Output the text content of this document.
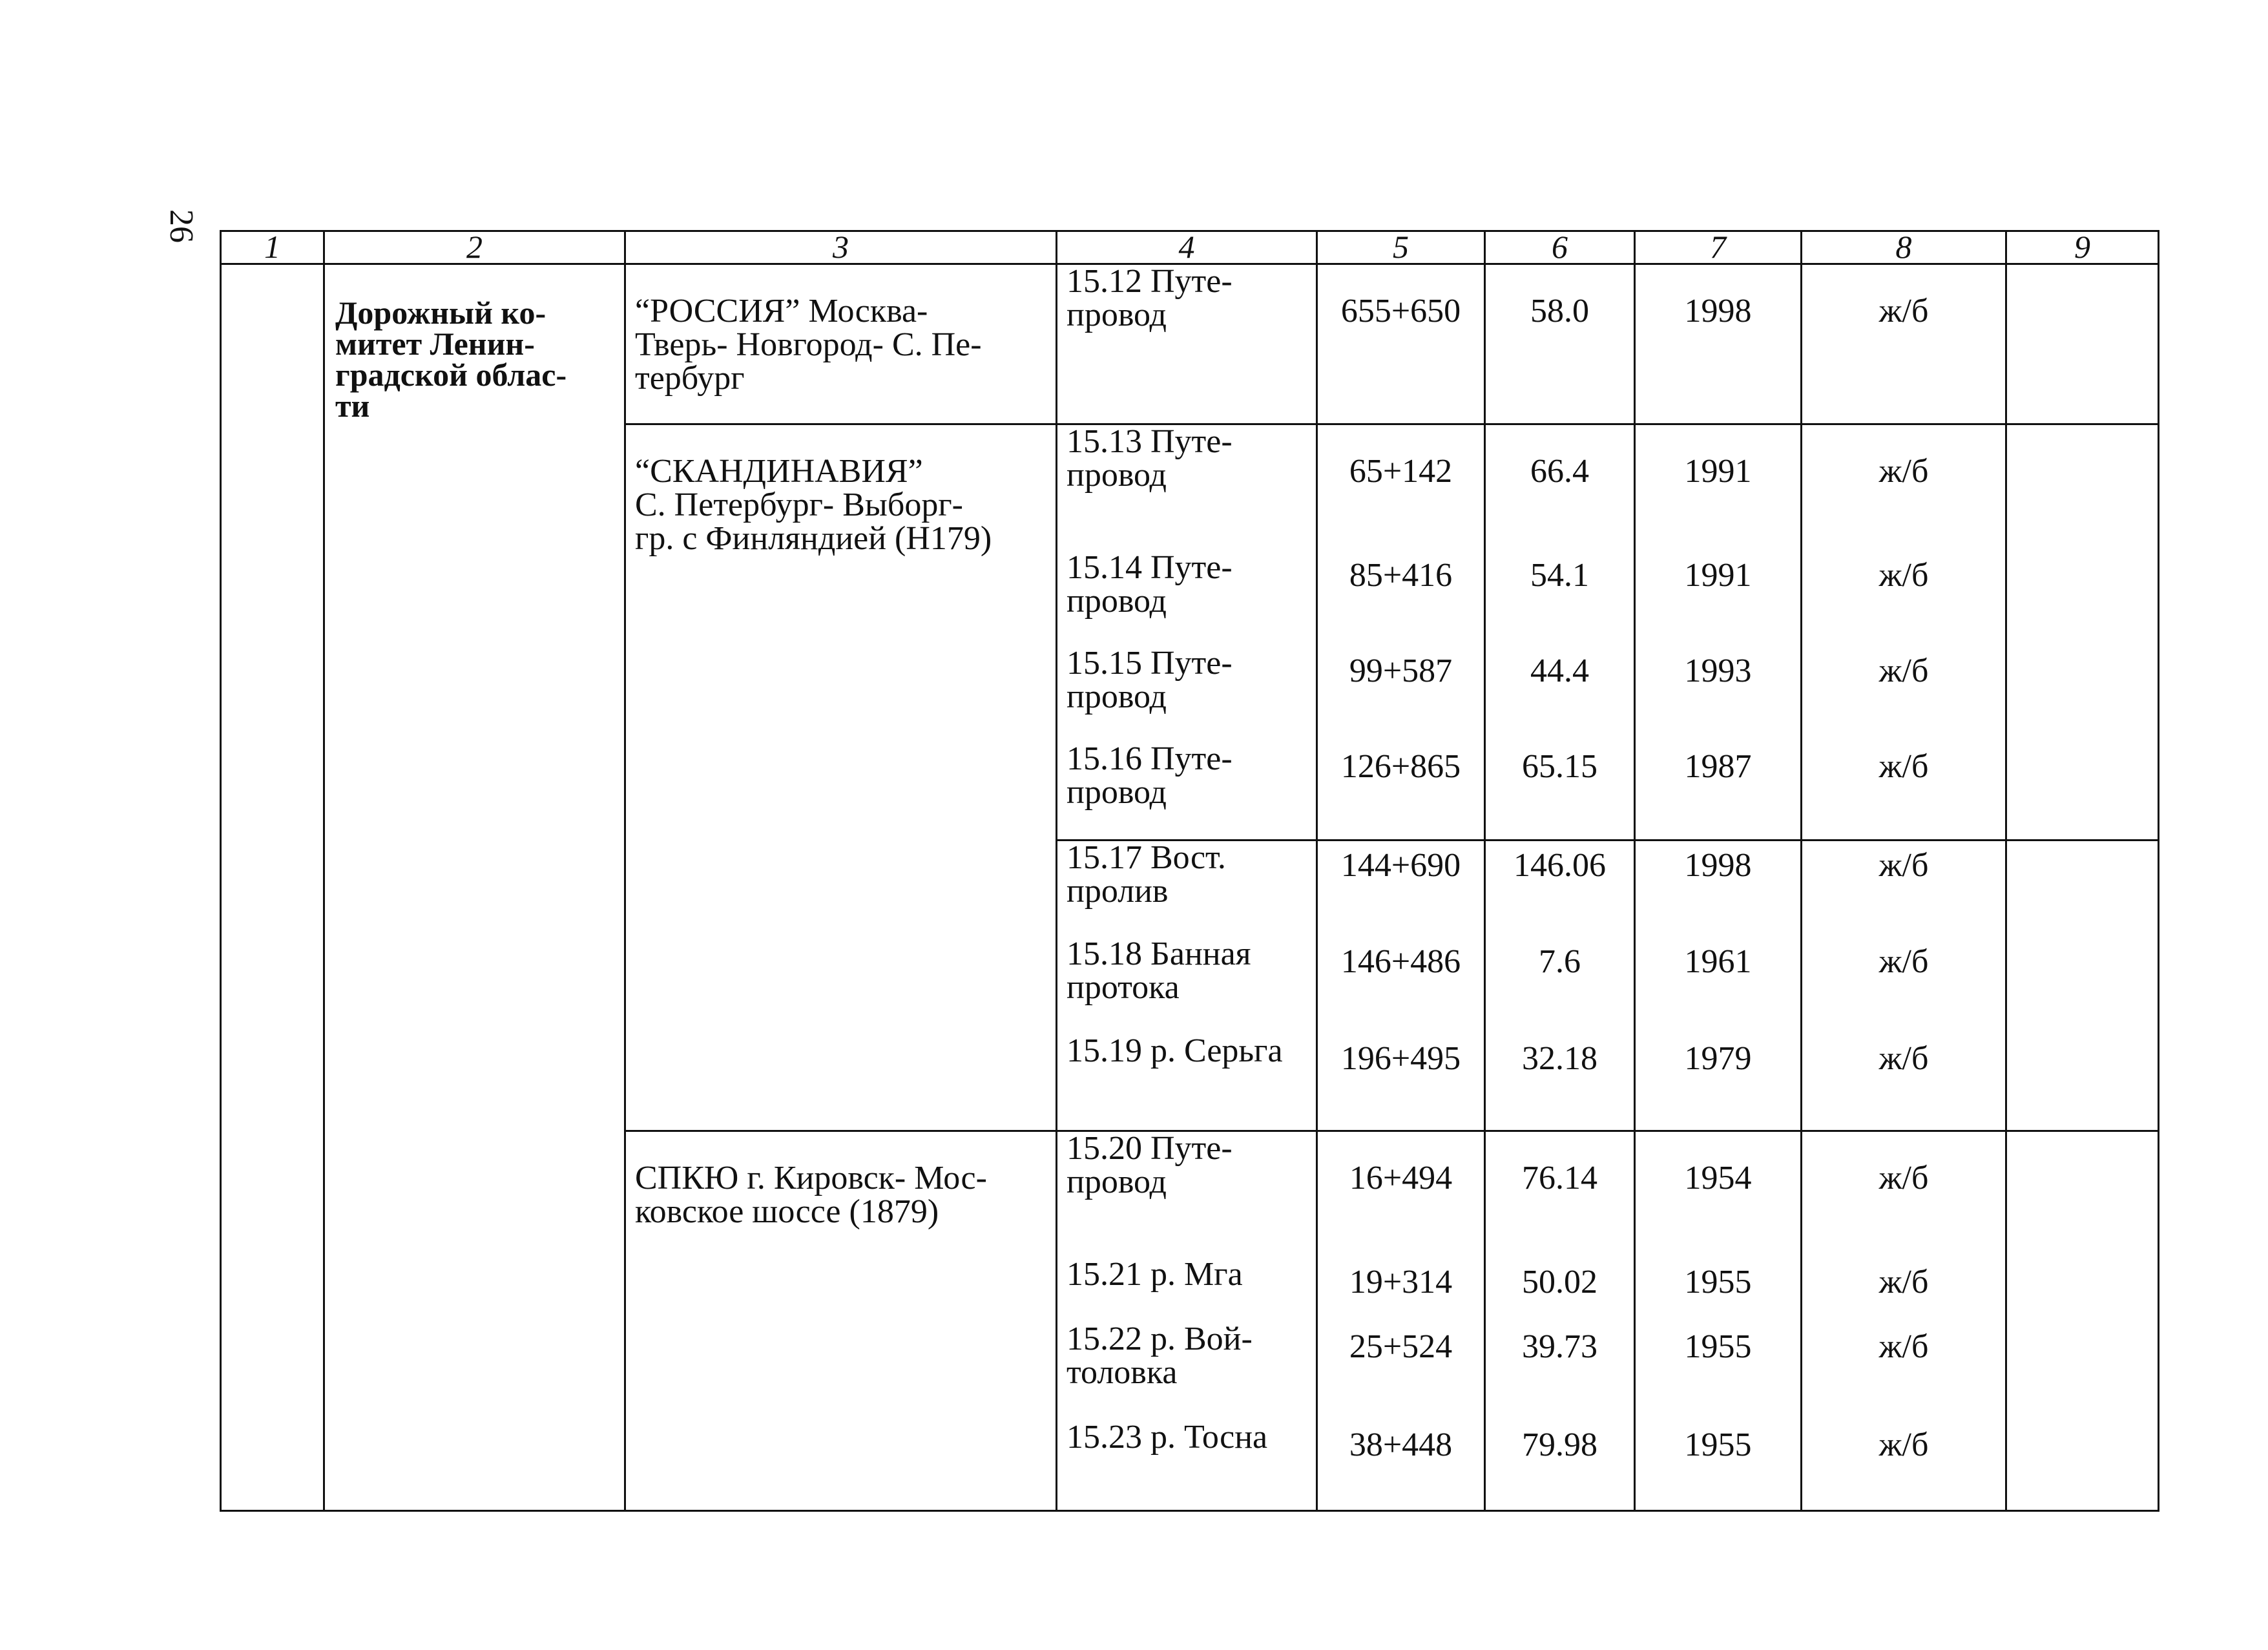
26
1	2	3	4	5	6	7	8	9

	Дорожный ко-
митет Ленин-
градской облас-
ти	“РОССИЯ” Москва-
Тверь- Новгород- С. Пе-
тербург	15.12 Путе-
провод	655+650	58.0	1998	ж/б	

		“СКАНДИНАВИЯ”
С. Петербург- Выборг-
гр. с Финляндией (Н179)	15.13 Путе-
провод	65+142	66.4	1991	ж/б	

			15.14 Путе-
провод	85+416	54.1	1991	ж/б	

			15.15 Путе-
провод	99+587	44.4	1993	ж/б	

			15.16 Путе-
провод	126+865	65.15	1987	ж/б	

			15.17 Вост.
пролив	144+690	146.06	1998	ж/б	

			15.18 Банная
протока	146+486	7.6	1961	ж/б	

			15.19 р. Серьга	196+495	32.18	1979	ж/б	

		СПКЮ г. Кировск- Мос-
ковское шоссе (1879)	15.20 Путе-
провод	16+494	76.14	1954	ж/б	

			15.21 р. Мга	19+314	50.02	1955	ж/б	

			15.22 р. Вой-
толовка	25+524	39.73	1955	ж/б	

			15.23 р. Тосна	38+448	79.98	1955	ж/б	
